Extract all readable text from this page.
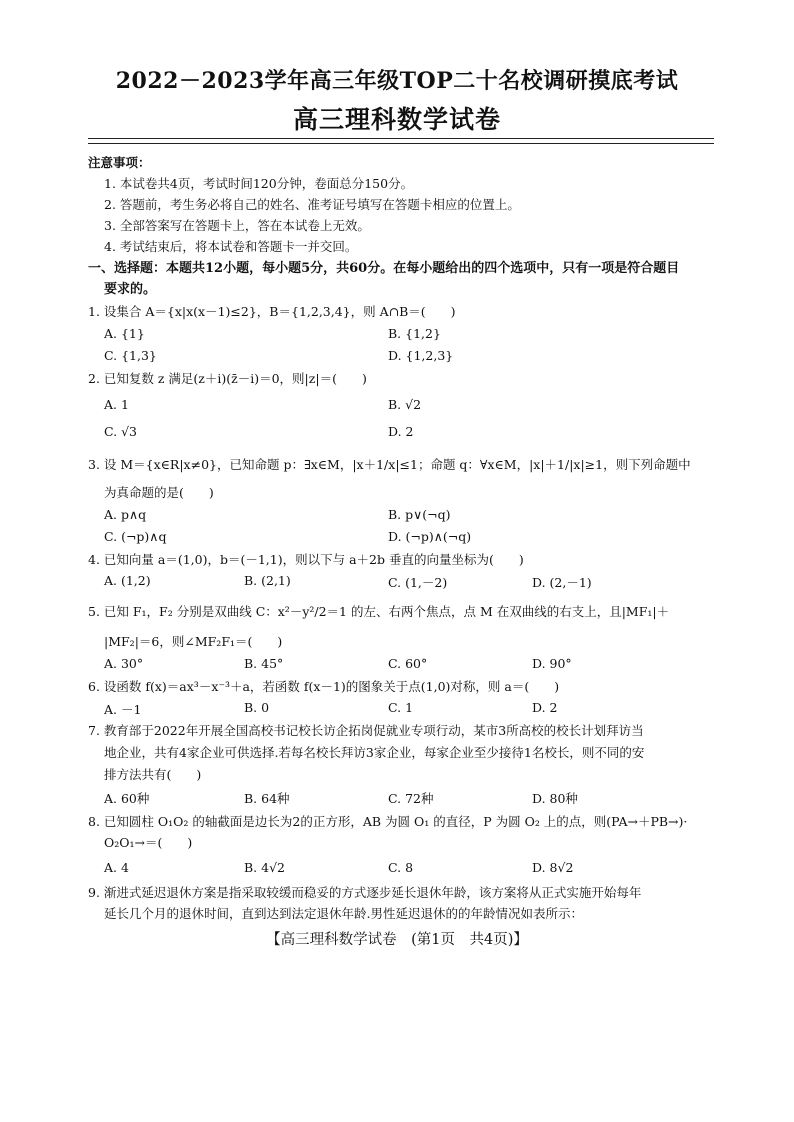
2022－2023学年高三年级TOP二十名校调研摸底考试
高三理科数学试卷
注意事项：
1. 本试卷共4页，考试时间120分钟，卷面总分150分。
2. 答题前，考生务必将自己的姓名、准考证号填写在答题卡相应的位置上。
3. 全部答案写在答题卡上，答在本试卷上无效。
4. 考试结束后，将本试卷和答题卡一并交回。
一、选择题：本题共12小题，每小题5分，共60分。在每小题给出的四个选项中，只有一项是符合题目
要求的。
1. 设集合 A＝{x|x(x－1)≤2}，B＝{1,2,3,4}，则 A∩B＝(　　)
A. {1}	B. {1,2}
C. {1,3}	D. {1,2,3}
2. 已知复数 z 满足(z＋i)(z̄－i)＝0，则|z|＝(　　)
A. 1	B. √2
C. √3	D. 2
3. 设 M＝{x∈R|x≠0}，已知命题 p：∃x∈M，|x＋1/x|≤1；命题 q：∀x∈M，|x|＋1/|x|≥1，则下列命题中
为真命题的是(　　)
A. p∧q	B. p∨(¬q)
C. (¬p)∧q	D. (¬p)∧(¬q)
4. 已知向量 a＝(1,0)，b＝(－1,1)，则以下与 a＋2b 垂直的向量坐标为(　　)
A. (1,2)	B. (2,1)	C. (1,－2)	D. (2,－1)
5. 已知 F₁，F₂ 分别是双曲线 C：x²－y²/2＝1 的左、右两个焦点，点 M 在双曲线的右支上，且|MF₁|＋
|MF₂|＝6，则∠MF₂F₁＝(　　)
A. 30°	B. 45°	C. 60°	D. 90°
6. 设函数 f(x)＝ax³－x⁻³＋a，若函数 f(x－1)的图象关于点(1,0)对称，则 a＝(　　)
A. －1	B. 0	C. 1	D. 2
7. 教育部于2022年开展全国高校书记校长访企拓岗促就业专项行动，某市3所高校的校长计划拜访当
地企业，共有4家企业可供选择.若每名校长拜访3家企业，每家企业至少接待1名校长，则不同的安
排方法共有(　　)
A. 60种	B. 64种	C. 72种	D. 80种
8. 已知圆柱 O₁O₂ 的轴截面是边长为2的正方形，AB 为圆 O₁ 的直径，P 为圆 O₂ 上的点，则(PA→＋PB→)·
O₂O₁→＝(　　)
A. 4	B. 4√2	C. 8	D. 8√2
9. 渐进式延迟退休方案是指采取较缓而稳妥的方式逐步延长退休年龄，该方案将从正式实施开始每年
延长几个月的退休时间，直到达到法定退休年龄.男性延迟退休的的年龄情况如表所示：
【高三理科数学试卷　(第1页　共4页)】
